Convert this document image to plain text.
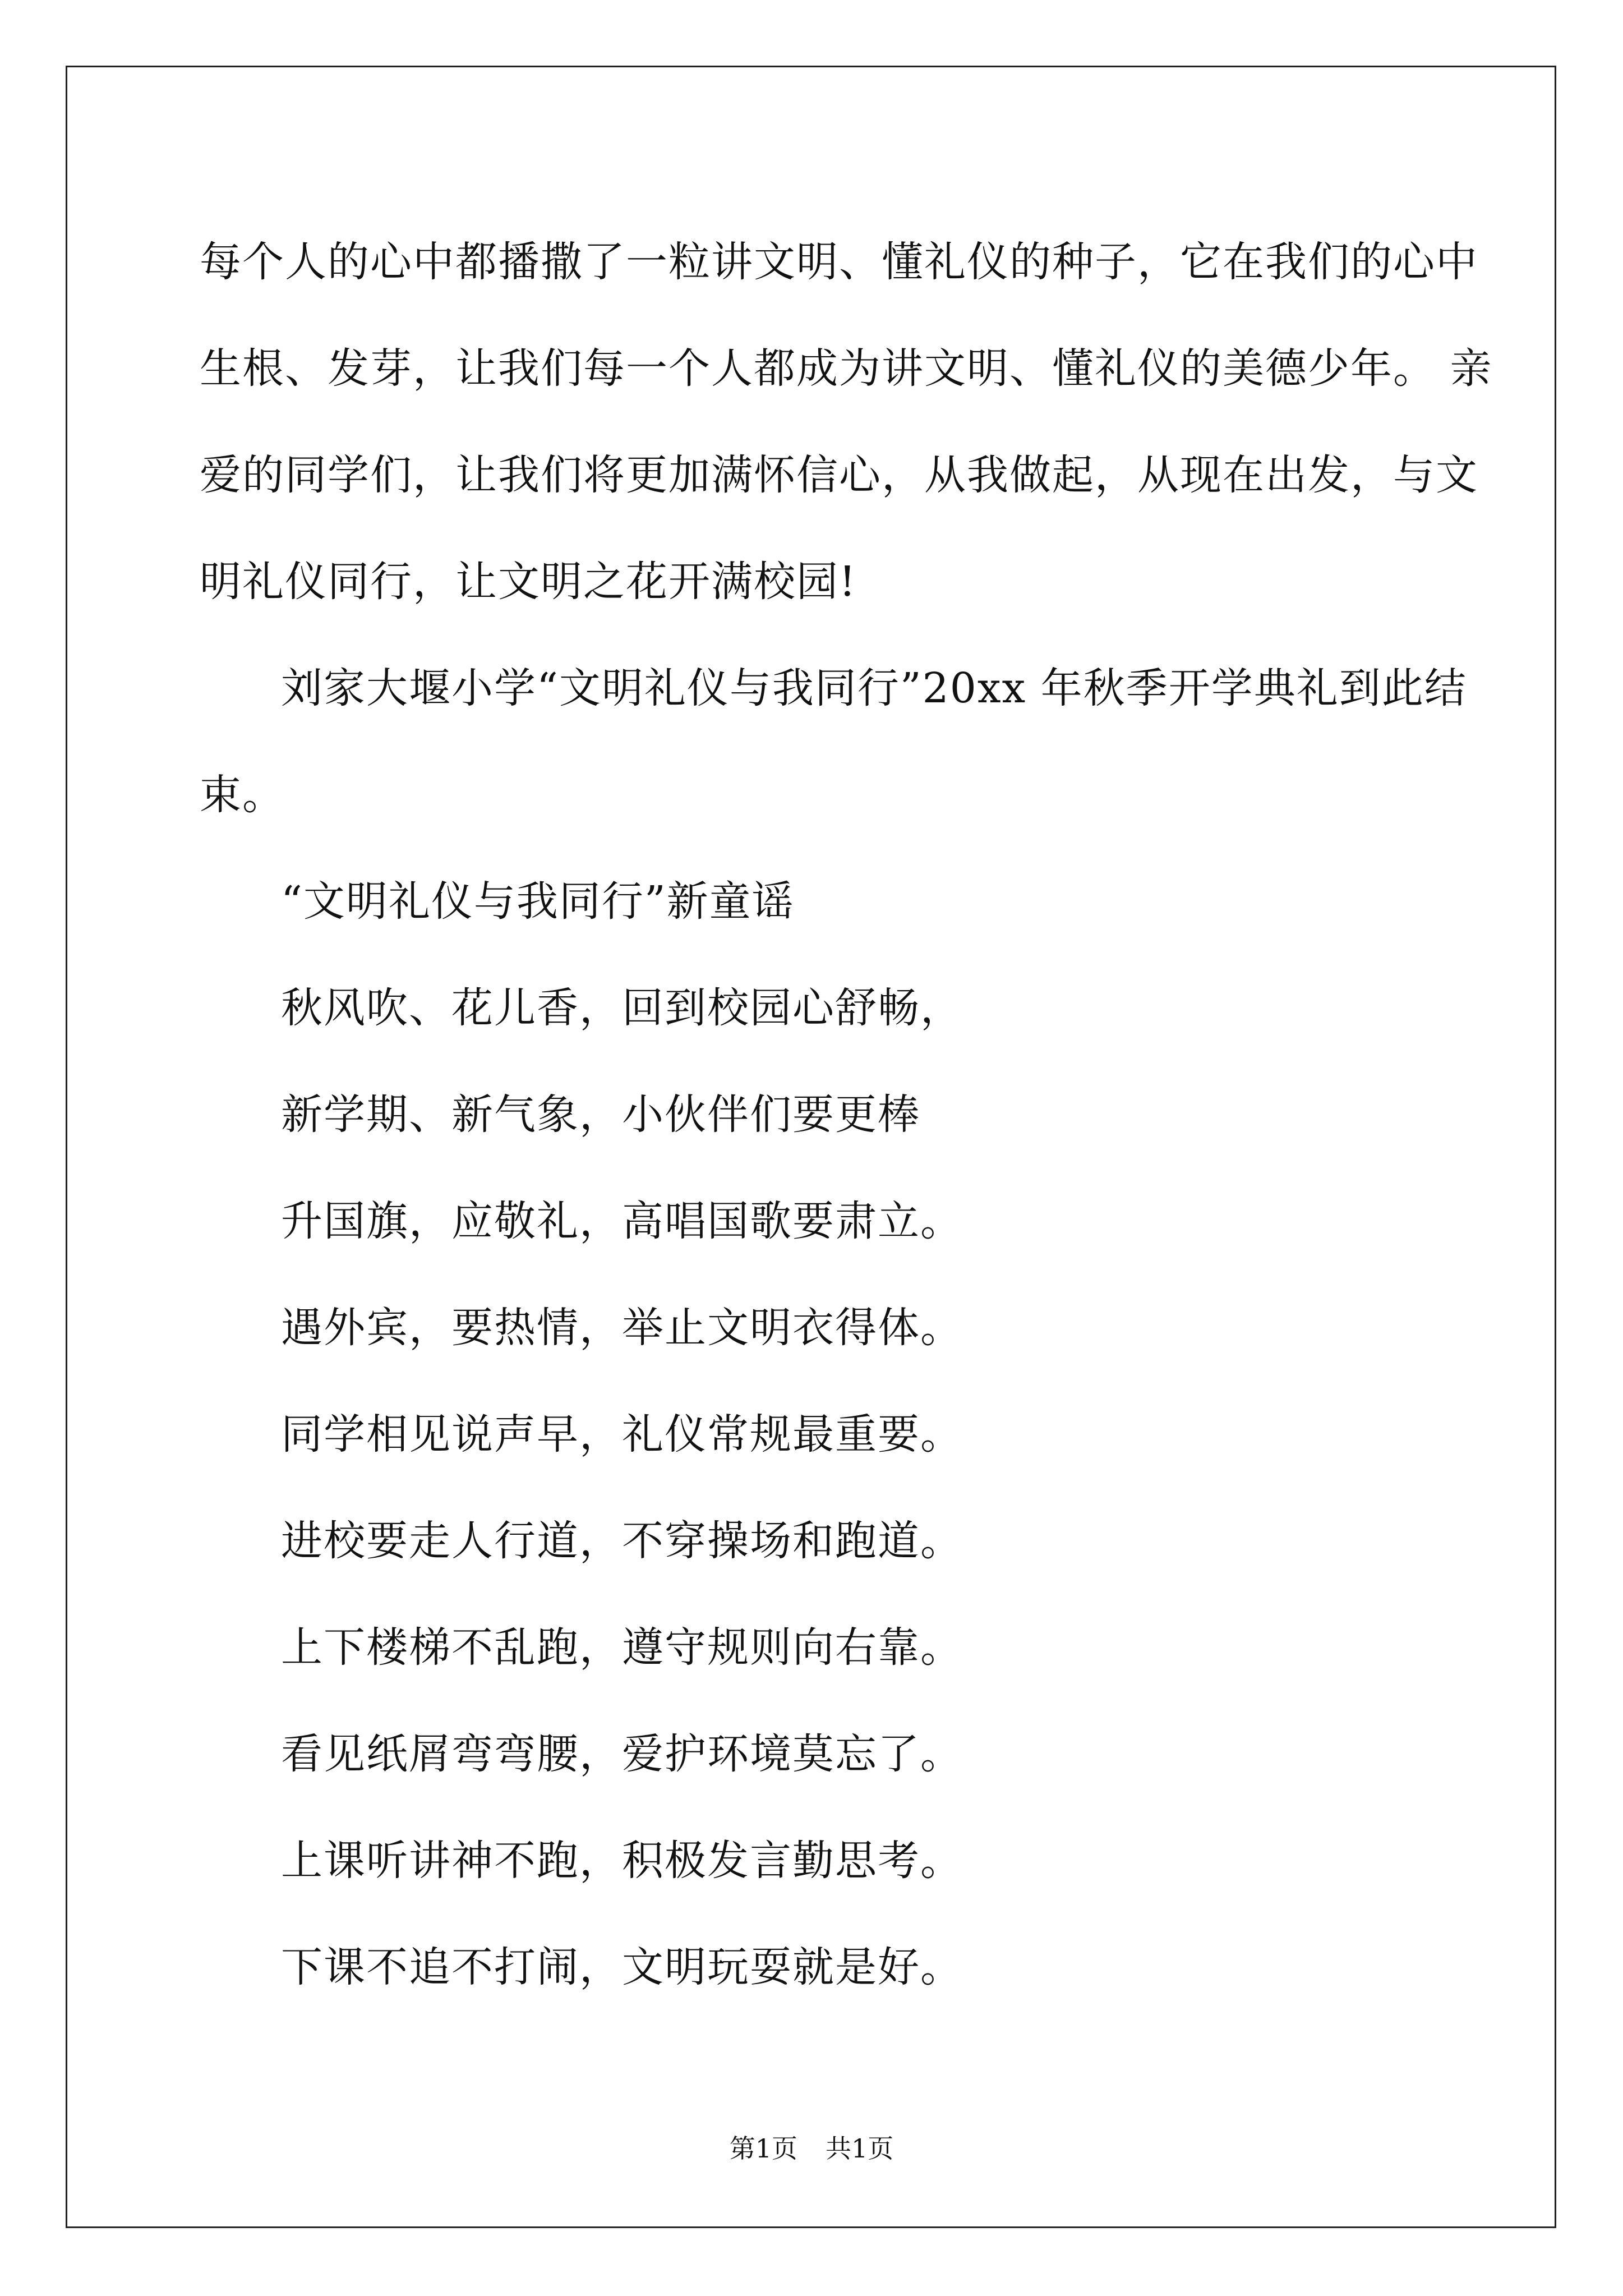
每个人的心中都播撒了一粒讲文明、懂礼仪的种子，它在我们的心中
生根、发芽，让我们每一个人都成为讲文明、懂礼仪的美德少年。 亲
爱的同学们，让我们将更加满怀信心，从我做起，从现在出发，与文
明礼仪同行，让文明之花开满校园!
刘家大堰小学“文明礼仪与我同行”20xx 年秋季开学典礼到此结
束。
“文明礼仪与我同行”新童谣
秋风吹、花儿香，回到校园心舒畅，
新学期、新气象，小伙伴们要更棒
升国旗，应敬礼，高唱国歌要肃立。
遇外宾，要热情，举止文明衣得体。
同学相见说声早，礼仪常规最重要。
进校要走人行道，不穿操场和跑道。
上下楼梯不乱跑，遵守规则向右靠。
看见纸屑弯弯腰，爱护环境莫忘了。
上课听讲神不跑，积极发言勤思考。
下课不追不打闹，文明玩耍就是好。
第1页 共1页
